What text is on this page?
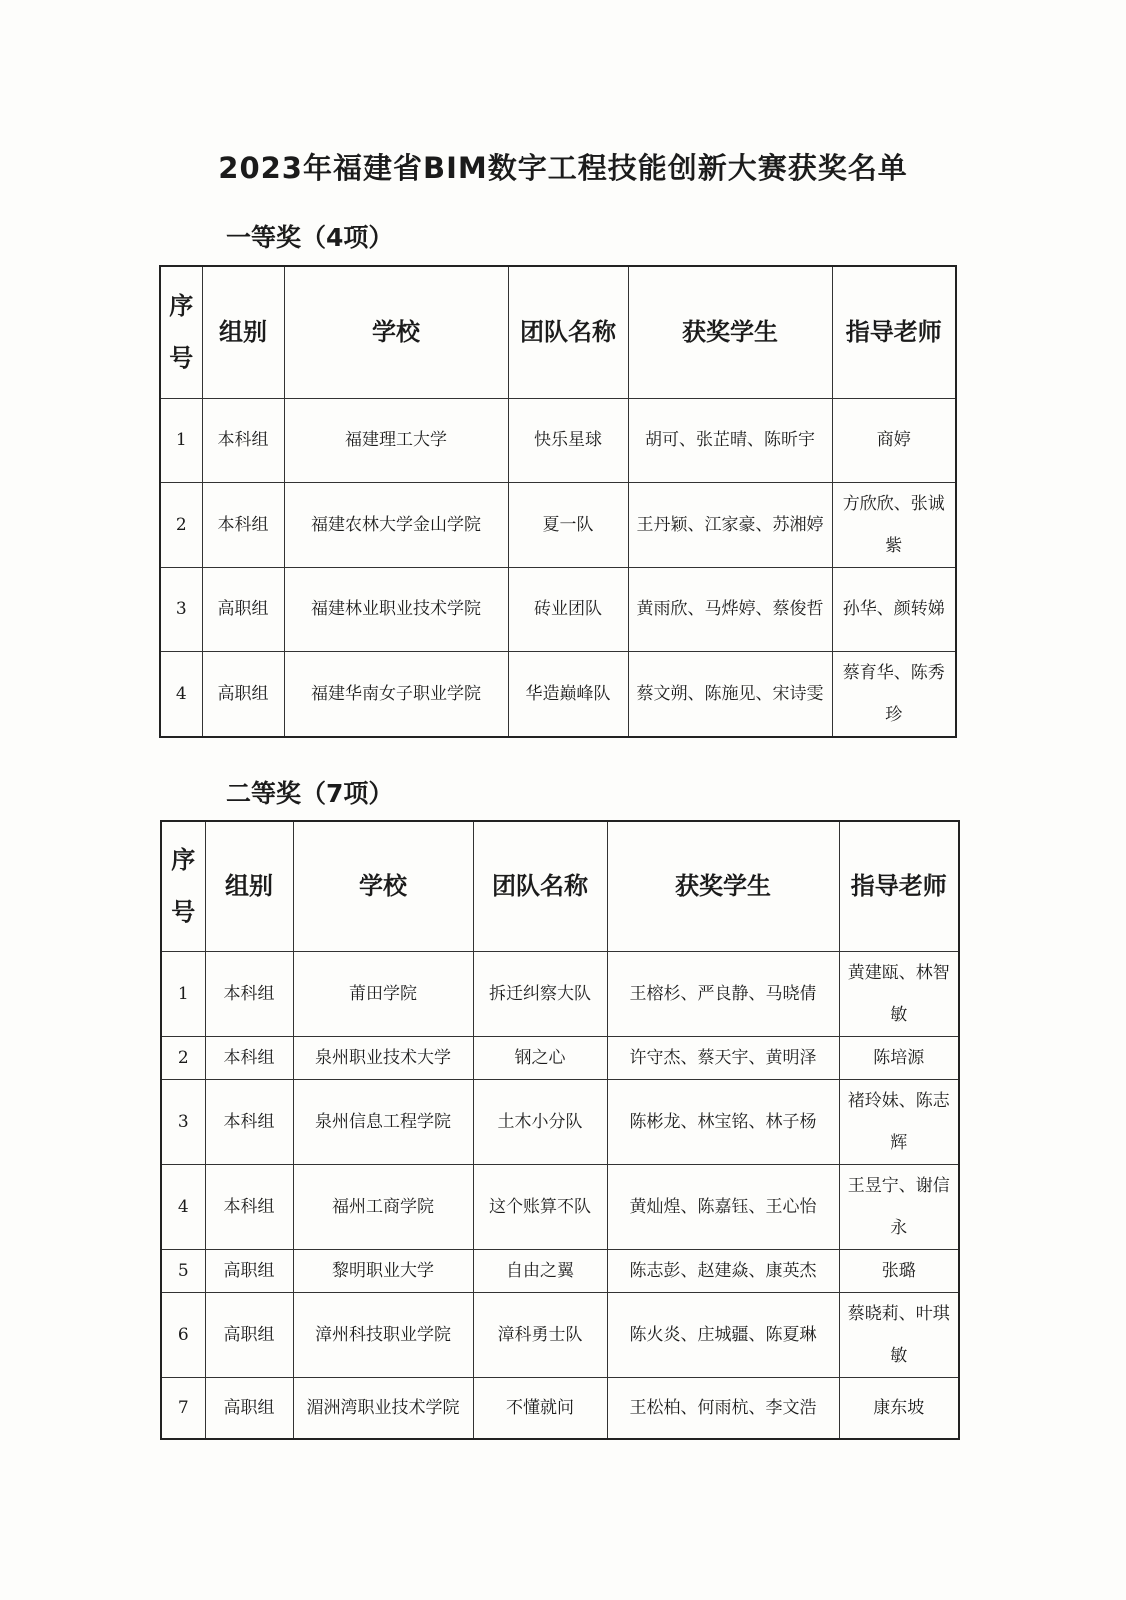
2023年福建省BIM数字工程技能创新大赛获奖名单
一等奖（4项）
序号	组别	学校	团队名称	获奖学生	指导老师
1	本科组	福建理工大学	快乐星球	胡可、张芷晴、陈昕宇	商婷
2	本科组	福建农林大学金山学院	夏一队	王丹颖、江家豪、苏湘婷	方欣欣、张诚紫
3	高职组	福建林业职业技术学院	砖业团队	黄雨欣、马烨婷、蔡俊哲	孙华、颜转娣
4	高职组	福建华南女子职业学院	华造巅峰队	蔡文朔、陈施见、宋诗雯	蔡育华、陈秀珍
二等奖（7项）
序号	组别	学校	团队名称	获奖学生	指导老师
1	本科组	莆田学院	拆迁纠察大队	王榕杉、严良静、马晓倩	黄建瓯、林智敏
2	本科组	泉州职业技术大学	钢之心	许守杰、蔡天宇、黄明泽	陈培源
3	本科组	泉州信息工程学院	土木小分队	陈彬龙、林宝铭、林子杨	褚玲妹、陈志辉
4	本科组	福州工商学院	这个账算不队	黄灿煌、陈嘉钰、王心怡	王昱宁、谢信永
5	高职组	黎明职业大学	自由之翼	陈志彭、赵建焱、康英杰	张璐
6	高职组	漳州科技职业学院	漳科勇士队	陈火炎、庄城疆、陈夏琳	蔡晓莉、叶琪敏
7	高职组	湄洲湾职业技术学院	不懂就问	王松柏、何雨杭、李文浩	康东坡
